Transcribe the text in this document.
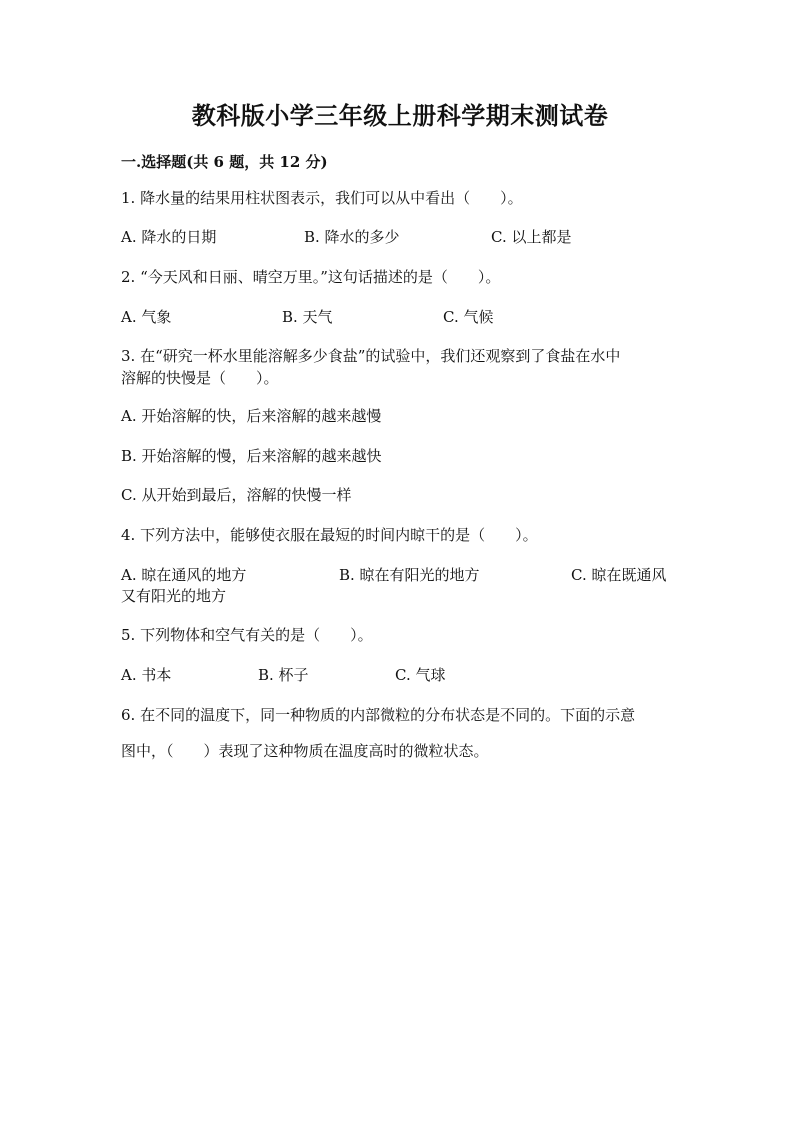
教科版小学三年级上册科学期末测试卷
一.选择题(共 6 题，共 12 分)
1. 降水量的结果用柱状图表示，我们可以从中看出（　　）。
A. 降水的日期	B. 降水的多少	C. 以上都是
2. “今天风和日丽、晴空万里。”这句话描述的是（　　）。
A. 气象	B. 天气	C. 气候
3. 在“研究一杯水里能溶解多少食盐”的试验中，我们还观察到了食盐在水中
溶解的快慢是（　　）。
A. 开始溶解的快，后来溶解的越来越慢
B. 开始溶解的慢，后来溶解的越来越快
C. 从开始到最后，溶解的快慢一样
4. 下列方法中，能够使衣服在最短的时间内晾干的是（　　）。
A. 晾在通风的地方	B. 晾在有阳光的地方	C. 晾在既通风
又有阳光的地方
5. 下列物体和空气有关的是（　　）。
A. 书本	B. 杯子	C. 气球
6. 在不同的温度下，同一种物质的内部微粒的分布状态是不同的。下面的示意
图中，（　　）表现了这种物质在温度高时的微粒状态。
